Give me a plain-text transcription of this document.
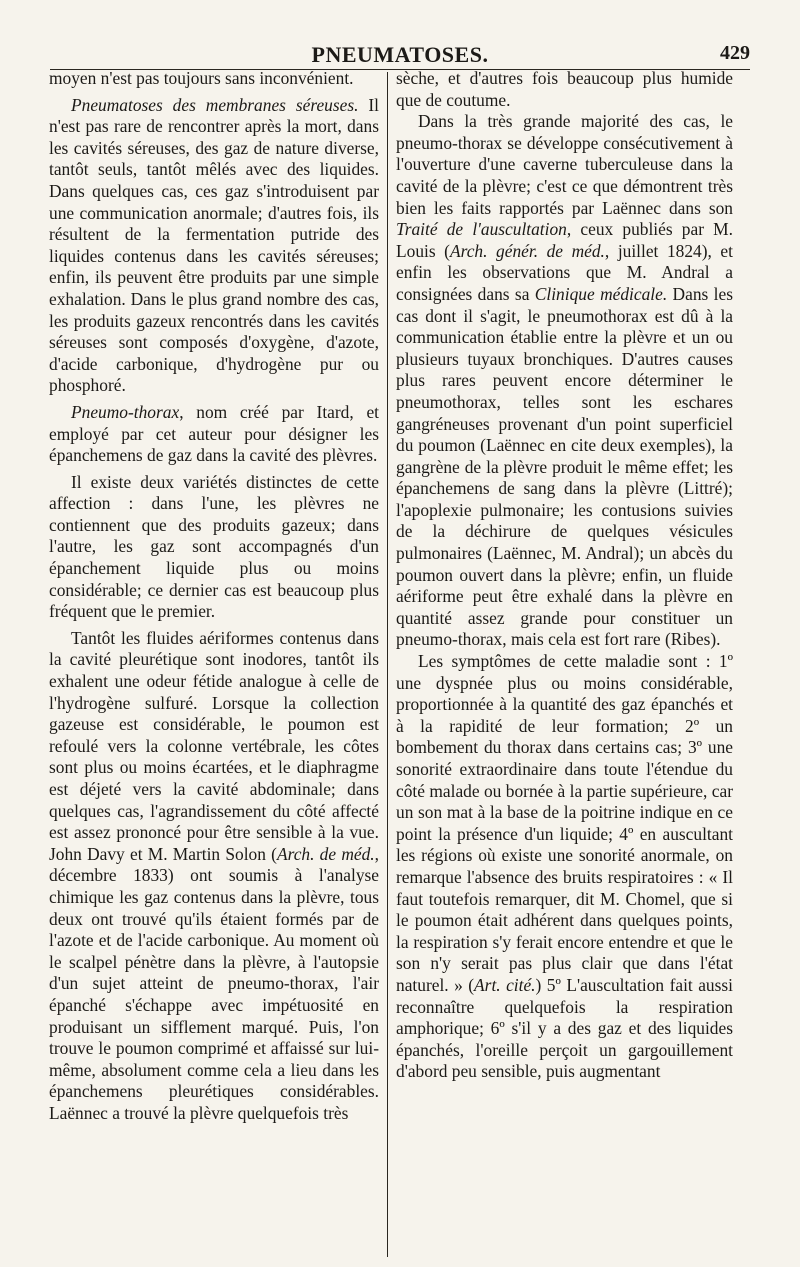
PNEUMATOSES.	429

moyen n'est pas toujours sans inconvénient.

Pneumatoses des membranes séreuses. Il n'est pas rare de rencontrer après la mort, dans les cavités séreuses, des gaz de nature diverse, tantôt seuls, tantôt mêlés avec des liquides. Dans quelques cas, ces gaz s'introduisent par une communication anormale; d'autres fois, ils résultent de la fermentation putride des liquides contenus dans les cavités séreuses; enfin, ils peuvent être produits par une simple exhalation. Dans le plus grand nombre des cas, les produits gazeux rencontrés dans les cavités séreuses sont composés d'oxygène, d'azote, d'acide carbonique, d'hydrogène pur ou phosphoré.

Pneumo-thorax, nom créé par Itard, et employé par cet auteur pour désigner les épanchemens de gaz dans la cavité des plèvres.

Il existe deux variétés distinctes de cette affection : dans l'une, les plèvres ne contiennent que des produits gazeux; dans l'autre, les gaz sont accompagnés d'un épanchement liquide plus ou moins considérable; ce dernier cas est beaucoup plus fréquent que le premier.

Tantôt les fluides aériformes contenus dans la cavité pleurétique sont inodores, tantôt ils exhalent une odeur fétide analogue à celle de l'hydrogène sulfuré. Lorsque la collection gazeuse est considérable, le poumon est refoulé vers la colonne vertébrale, les côtes sont plus ou moins écartées, et le diaphragme est déjeté vers la cavité abdominale; dans quelques cas, l'agrandissement du côté affecté est assez prononcé pour être sensible à la vue. John Davy et M. Martin Solon (Arch. de méd., décembre 1833) ont soumis à l'analyse chimique les gaz contenus dans la plèvre, tous deux ont trouvé qu'ils étaient formés par de l'azote et de l'acide carbonique. Au moment où le scalpel pénètre dans la plèvre, à l'autopsie d'un sujet atteint de pneumo-thorax, l'air épanché s'échappe avec impétuosité en produisant un sifflement marqué. Puis, l'on trouve le poumon comprimé et affaissé sur lui-même, absolument comme cela a lieu dans les épanchemens pleurétiques considérables. Laënnec a trouvé la plèvre quelquefois très

sèche, et d'autres fois beaucoup plus humide que de coutume.

Dans la très grande majorité des cas, le pneumo-thorax se développe consécutivement à l'ouverture d'une caverne tuberculeuse dans la cavité de la plèvre; c'est ce que démontrent très bien les faits rapportés par Laënnec dans son Traité de l'auscultation, ceux publiés par M. Louis (Arch. génér. de méd., juillet 1824), et enfin les observations que M. Andral a consignées dans sa Clinique médicale. Dans les cas dont il s'agit, le pneumothorax est dû à la communication établie entre la plèvre et un ou plusieurs tuyaux bronchiques. D'autres causes plus rares peuvent encore déterminer le pneumothorax, telles sont les eschares gangréneuses provenant d'un point superficiel du poumon (Laënnec en cite deux exemples), la gangrène de la plèvre produit le même effet; les épanchemens de sang dans la plèvre (Littré); l'apoplexie pulmonaire; les contusions suivies de la déchirure de quelques vésicules pulmonaires (Laënnec, M. Andral); un abcès du poumon ouvert dans la plèvre; enfin, un fluide aériforme peut être exhalé dans la plèvre en quantité assez grande pour constituer un pneumo-thorax, mais cela est fort rare (Ribes).

Les symptômes de cette maladie sont : 1º une dyspnée plus ou moins considérable, proportionnée à la quantité des gaz épanchés et à la rapidité de leur formation; 2º un bombement du thorax dans certains cas; 3º une sonorité extraordinaire dans toute l'étendue du côté malade ou bornée à la partie supérieure, car un son mat à la base de la poitrine indique en ce point la présence d'un liquide; 4º en auscultant les régions où existe une sonorité anormale, on remarque l'absence des bruits respiratoires : « Il faut toutefois remarquer, dit M. Chomel, que si le poumon était adhérent dans quelques points, la respiration s'y ferait encore entendre et que le son n'y serait pas plus clair que dans l'état naturel. » (Art. cité.) 5º L'auscultation fait aussi reconnaître quelquefois la respiration amphorique; 6º s'il y a des gaz et des liquides épanchés, l'oreille perçoit un gargouillement d'abord peu sensible, puis augmentant
